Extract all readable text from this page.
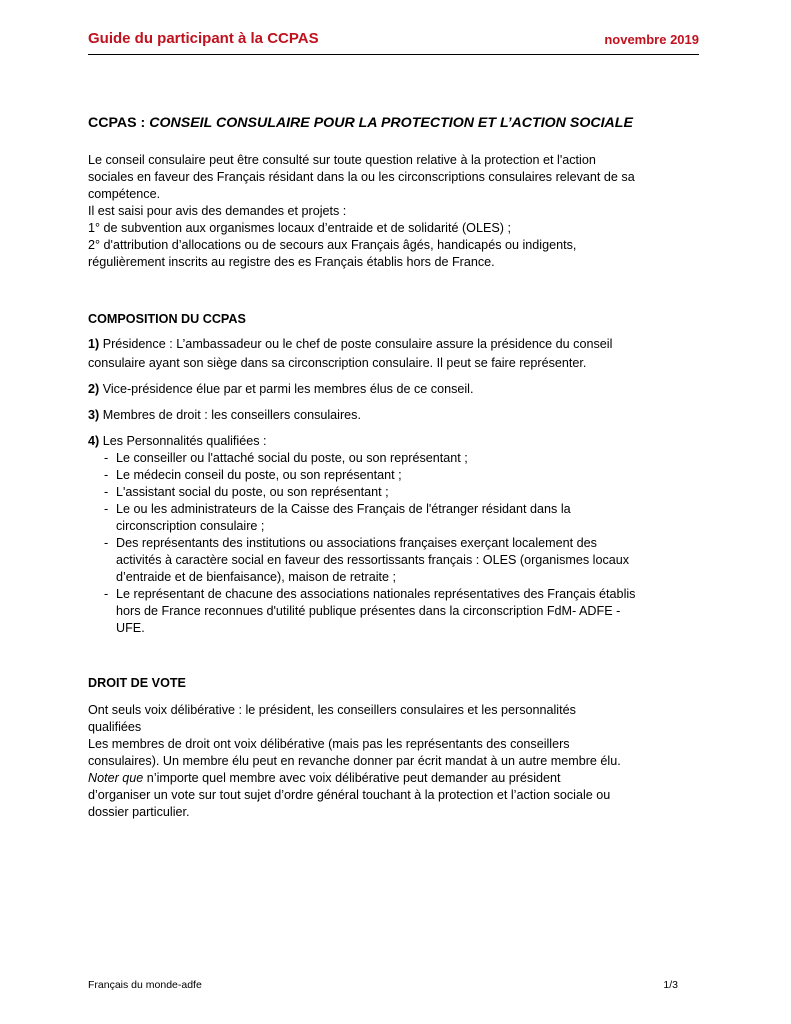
Guide du participant à la CCPAS	novembre 2019
CCPAS : CONSEIL CONSULAIRE POUR LA PROTECTION ET L’ACTION SOCIALE
Le conseil consulaire peut être consulté sur toute question relative à la protection et l'action
sociales en faveur des Français résidant dans la ou les circonscriptions consulaires relevant de sa
compétence.
Il est saisi pour avis des demandes et projets :
1° de subvention aux organismes locaux d’entraide et de solidarité (OLES) ;
2° d'attribution d’allocations ou de secours aux Français âgés, handicapés ou indigents,
régulièrement inscrits au registre des es Français établis hors de France.
COMPOSITION DU CCPAS
1) Présidence : L’ambassadeur ou le chef de poste consulaire assure la présidence du conseil
consulaire ayant son siège dans sa circonscription consulaire. Il peut se faire représenter.
2) Vice-présidence élue par et parmi les membres élus de ce conseil.
3) Membres de droit : les conseillers consulaires.
4) Les Personnalités qualifiées :
- Le conseiller ou l'attaché social du poste, ou son représentant ;
- Le médecin conseil du poste, ou son représentant ;
- L'assistant social du poste, ou son représentant ;
- Le ou les administrateurs de la Caisse des Français de l'étranger résidant dans la
circonscription consulaire ;
- Des représentants des institutions ou associations françaises exerçant localement des
activités à caractère social en faveur des ressortissants français : OLES (organismes locaux
d’entraide et de bienfaisance), maison de retraite ;
- Le représentant de chacune des associations nationales représentatives des Français établis
hors de France reconnues d'utilité publique présentes dans la circonscription FdM- ADFE -
UFE.
DROIT DE VOTE
Ont seuls voix délibérative : le président, les conseillers consulaires et les personnalités
qualifiées
Les membres de droit ont voix délibérative (mais pas les représentants des conseillers
consulaires). Un membre élu peut en revanche donner par écrit mandat à un autre membre élu.
Noter que n’importe quel membre avec voix délibérative peut demander au président
d’organiser un vote sur tout sujet d’ordre général touchant à la protection et l’action sociale ou
dossier particulier.
Français du monde-adfe	1/3
